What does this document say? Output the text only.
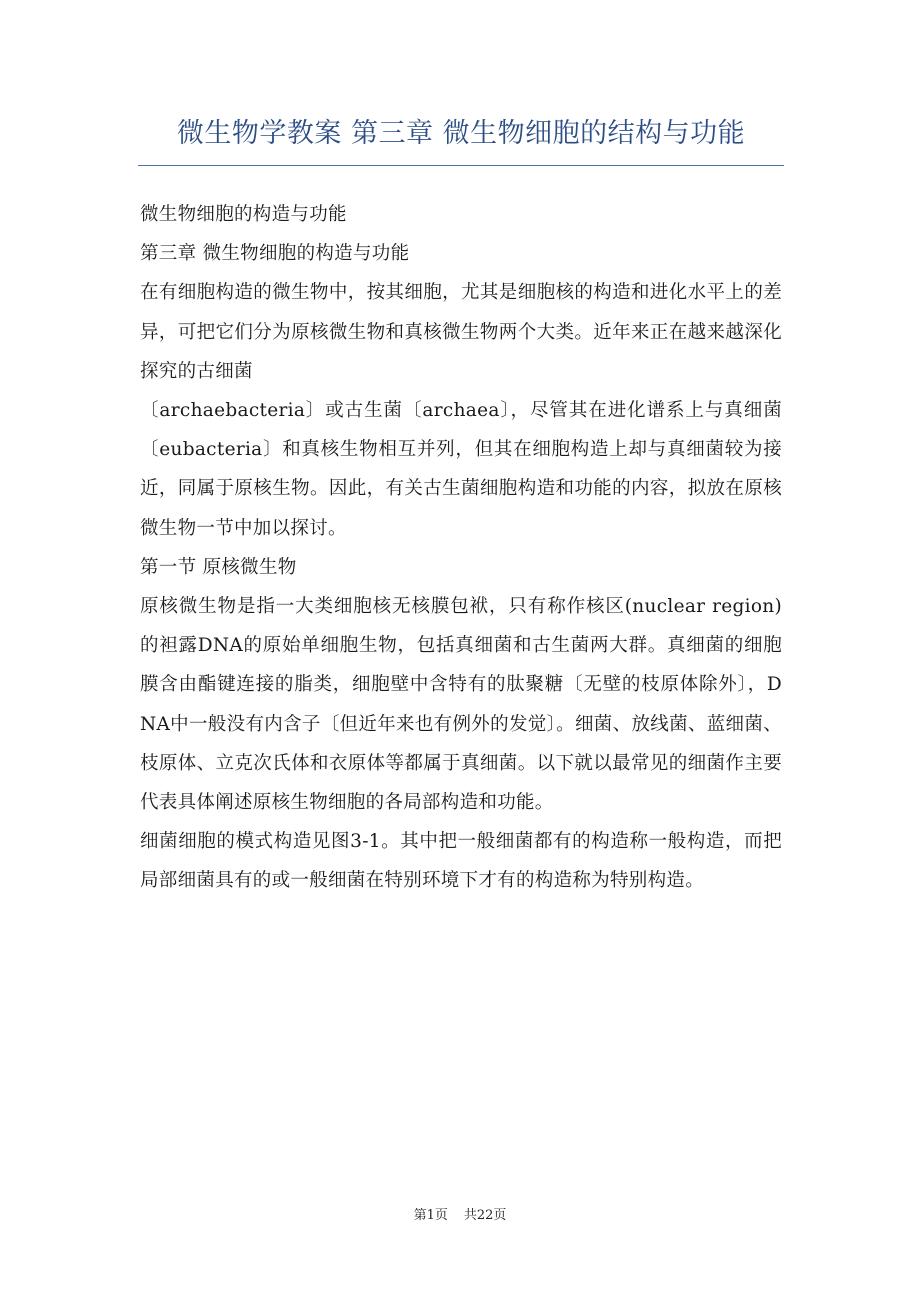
微生物学教案 第三章 微生物细胞的结构与功能

微生物细胞的构造与功能

第三章 微生物细胞的构造与功能

在有细胞构造的微生物中，按其细胞，尤其是细胞核的构造和进化水平上的差异，可把它们分为原核微生物和真核微生物两个大类。近年来正在越来越深化探究的古细菌

〔archaebacteria〕或古生菌〔archaea〕，尽管其在进化谱系上与真细菌〔eubacteria〕和真核生物相互并列，但其在细胞构造上却与真细菌较为接近，同属于原核生物。因此，有关古生菌细胞构造和功能的内容，拟放在原核微生物一节中加以探讨。

第一节 原核微生物

原核微生物是指一大类细胞核无核膜包袱，只有称作核区(nuclear region)的袒露DNA的原始单细胞生物，包括真细菌和古生菌两大群。真细菌的细胞膜含由酯键连接的脂类，细胞壁中含特有的肽聚糖〔无壁的枝原体除外〕，DNA中一般没有内含子〔但近年来也有例外的发觉〕。细菌、放线菌、蓝细菌、枝原体、立克次氏体和衣原体等都属于真细菌。以下就以最常见的细菌作主要代表具体阐述原核生物细胞的各局部构造和功能。

细菌细胞的模式构造见图3-1。其中把一般细菌都有的构造称一般构造，而把局部细菌具有的或一般细菌在特别环境下才有的构造称为特别构造。

第1页 共22页
